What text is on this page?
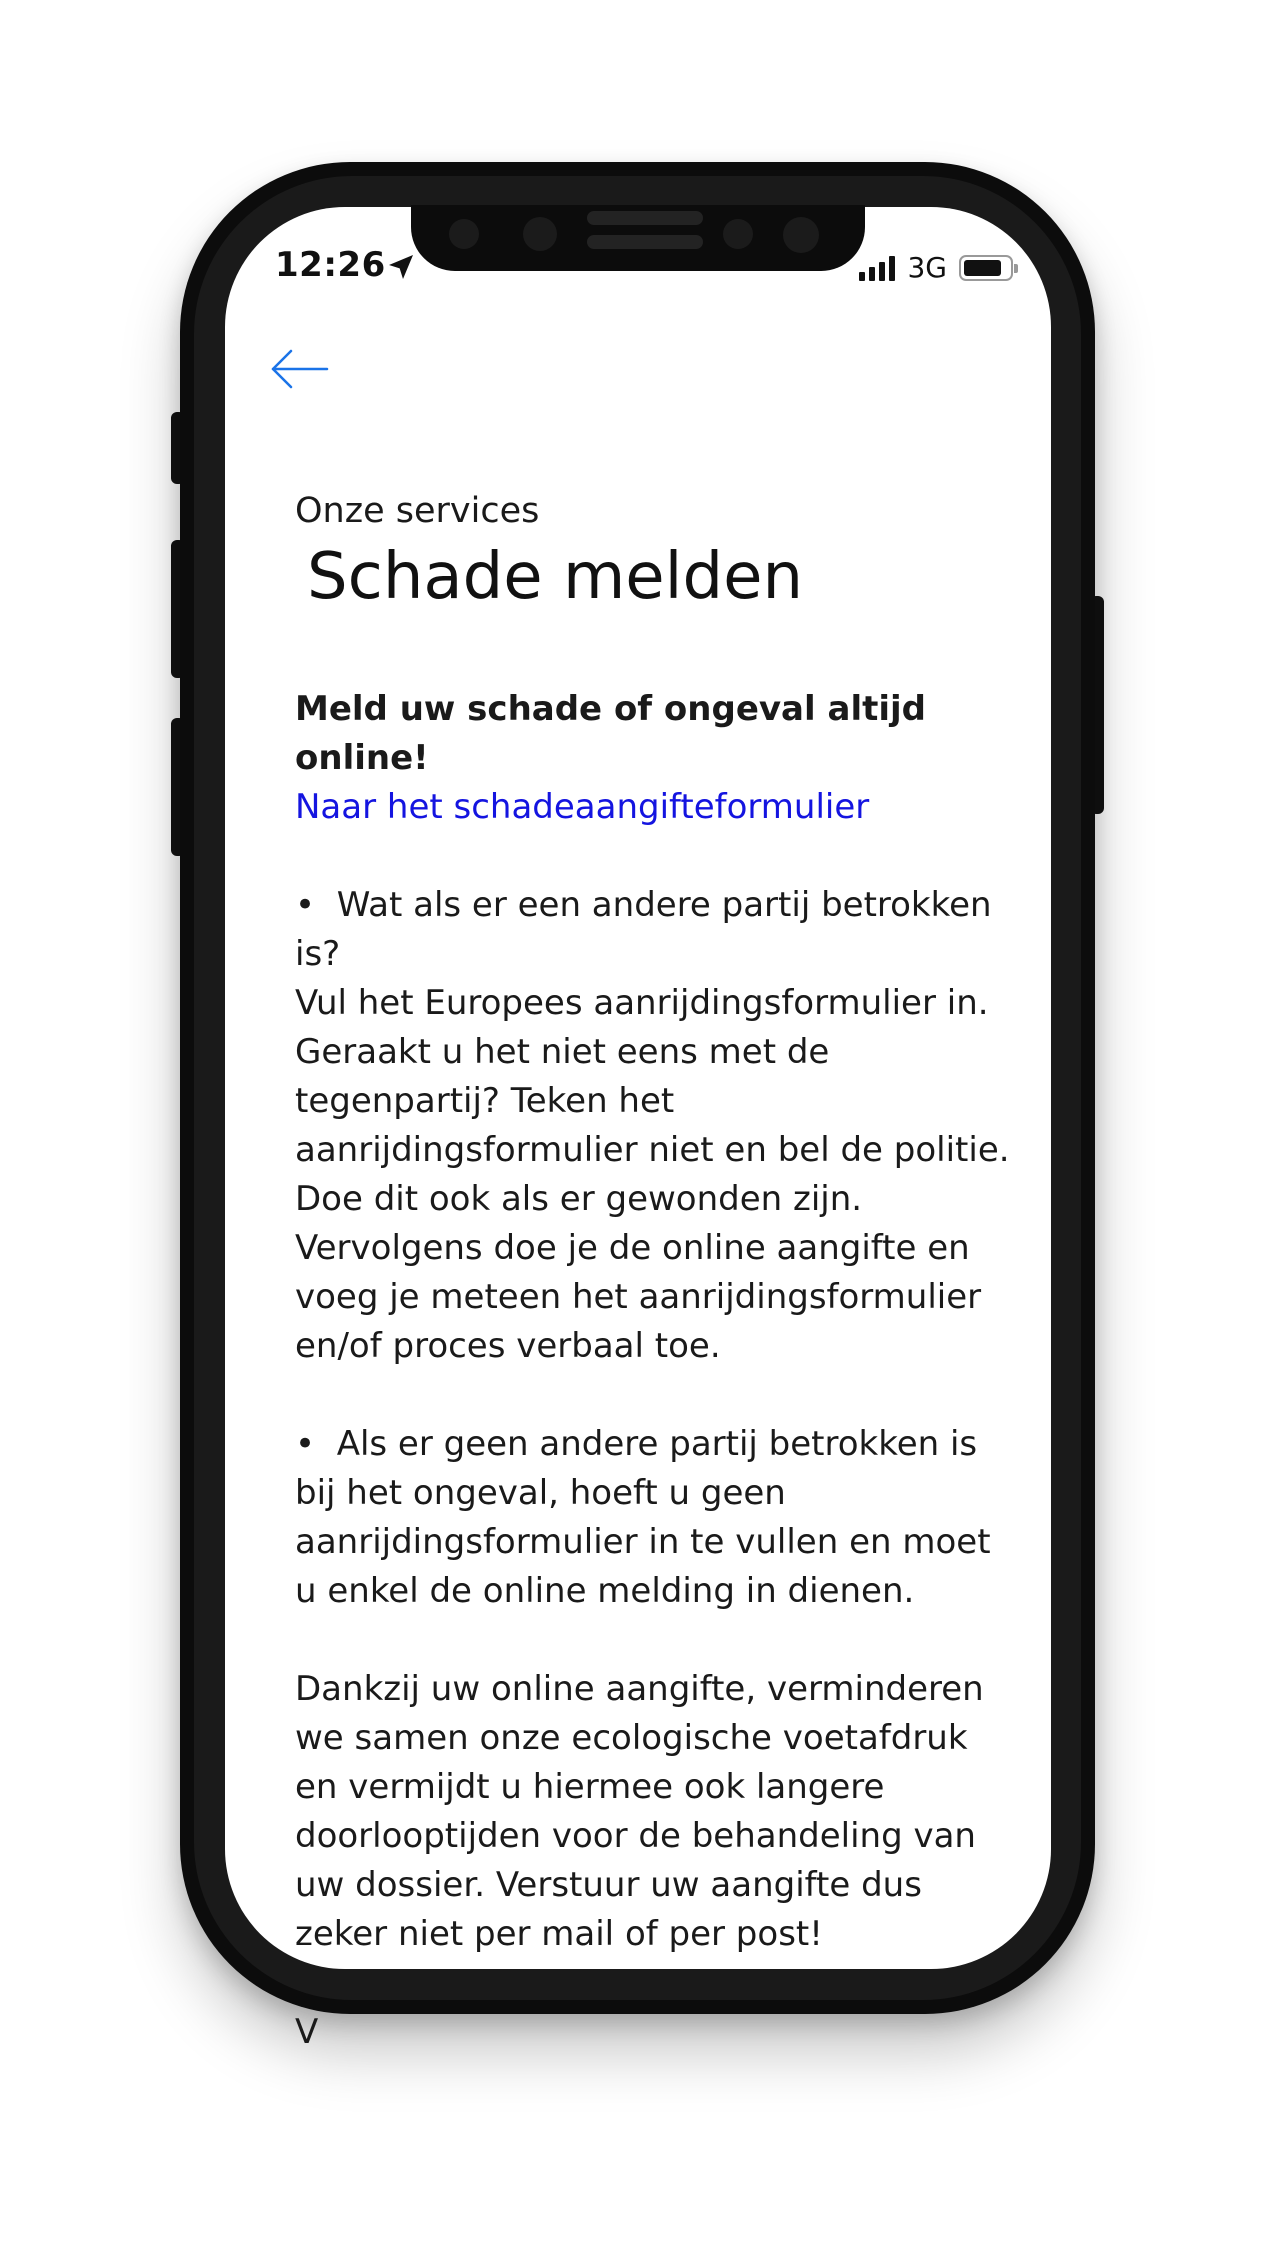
12:26	3G

Onze services

Schade melden

Meld uw schade of ongeval altijd online!

Naar het schadeaangifteformulier

• Wat als er een andere partij betrokken is?
Vul het Europees aanrijdingsformulier in. Geraakt u het niet eens met de tegenpartij? Teken het aanrijdingsformulier niet en bel de politie. Doe dit ook als er gewonden zijn. Vervolgens doe je de online aangifte en voeg je meteen het aanrijdingsformulier en/of proces verbaal toe.

• Als er geen andere partij betrokken is bij het ongeval, hoeft u geen aanrijdingsformulier in te vullen en moet u enkel de online melding in dienen.

Dankzij uw online aangifte, verminderen we samen onze ecologische voetafdruk en vermijdt u hiermee ook langere doorlooptijden voor de behandeling van uw dossier. Verstuur uw aangifte dus zeker niet per mail of per post!

V
